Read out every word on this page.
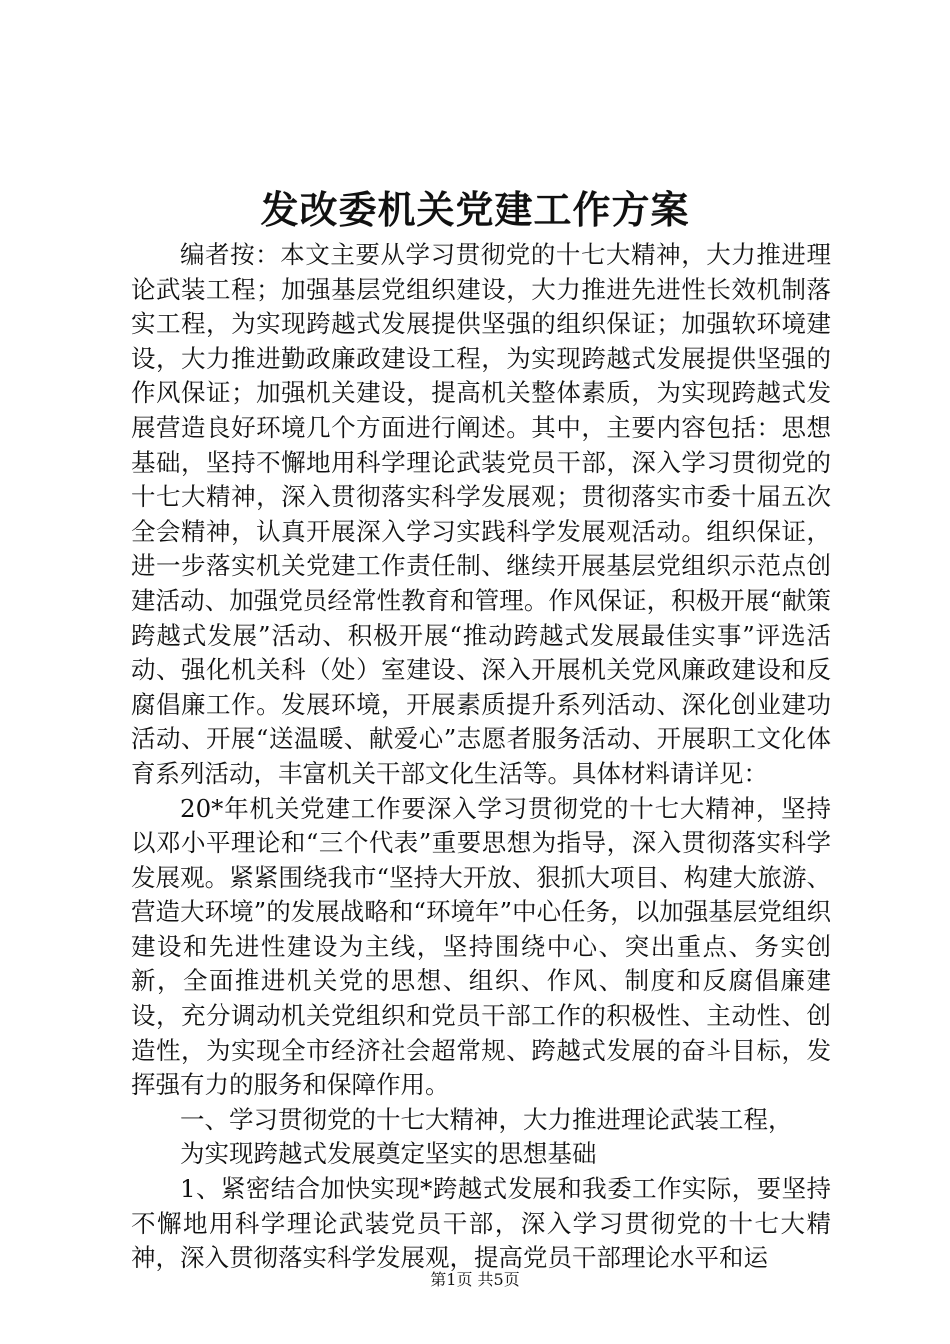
发改委机关党建工作方案

编者按：本文主要从学习贯彻党的十七大精神，大力推进理论武装工程；加强基层党组织建设，大力推进先进性长效机制落实工程，为实现跨越式发展提供坚强的组织保证；加强软环境建设，大力推进勤政廉政建设工程，为实现跨越式发展提供坚强的作风保证；加强机关建设，提高机关整体素质，为实现跨越式发展营造良好环境几个方面进行阐述。其中，主要内容包括：思想基础，坚持不懈地用科学理论武装党员干部，深入学习贯彻党的十七大精神，深入贯彻落实科学发展观；贯彻落实市委十届五次全会精神，认真开展深入学习实践科学发展观活动。组织保证，进一步落实机关党建工作责任制、继续开展基层党组织示范点创建活动、加强党员经常性教育和管理。作风保证，积极开展“献策跨越式发展”活动、积极开展“推动跨越式发展最佳实事”评选活动、强化机关科（处）室建设、深入开展机关党风廉政建设和反腐倡廉工作。发展环境，开展素质提升系列活动、深化创业建功活动、开展“送温暖、献爱心”志愿者服务活动、开展职工文化体育系列活动，丰富机关干部文化生活等。具体材料请详见：

20*年机关党建工作要深入学习贯彻党的十七大精神，坚持以邓小平理论和“三个代表”重要思想为指导，深入贯彻落实科学发展观。紧紧围绕我市“坚持大开放、狠抓大项目、构建大旅游、营造大环境”的发展战略和“环境年”中心任务，以加强基层党组织建设和先进性建设为主线，坚持围绕中心、突出重点、务实创新，全面推进机关党的思想、组织、作风、制度和反腐倡廉建设，充分调动机关党组织和党员干部工作的积极性、主动性、创造性，为实现全市经济社会超常规、跨越式发展的奋斗目标，发挥强有力的服务和保障作用。

一、学习贯彻党的十七大精神，大力推进理论武装工程，

为实现跨越式发展奠定坚实的思想基础

1、紧密结合加快实现*跨越式发展和我委工作实际，要坚持不懈地用科学理论武装党员干部，深入学习贯彻党的十七大精神，深入贯彻落实科学发展观，提高党员干部理论水平和运

第1页 共5页
